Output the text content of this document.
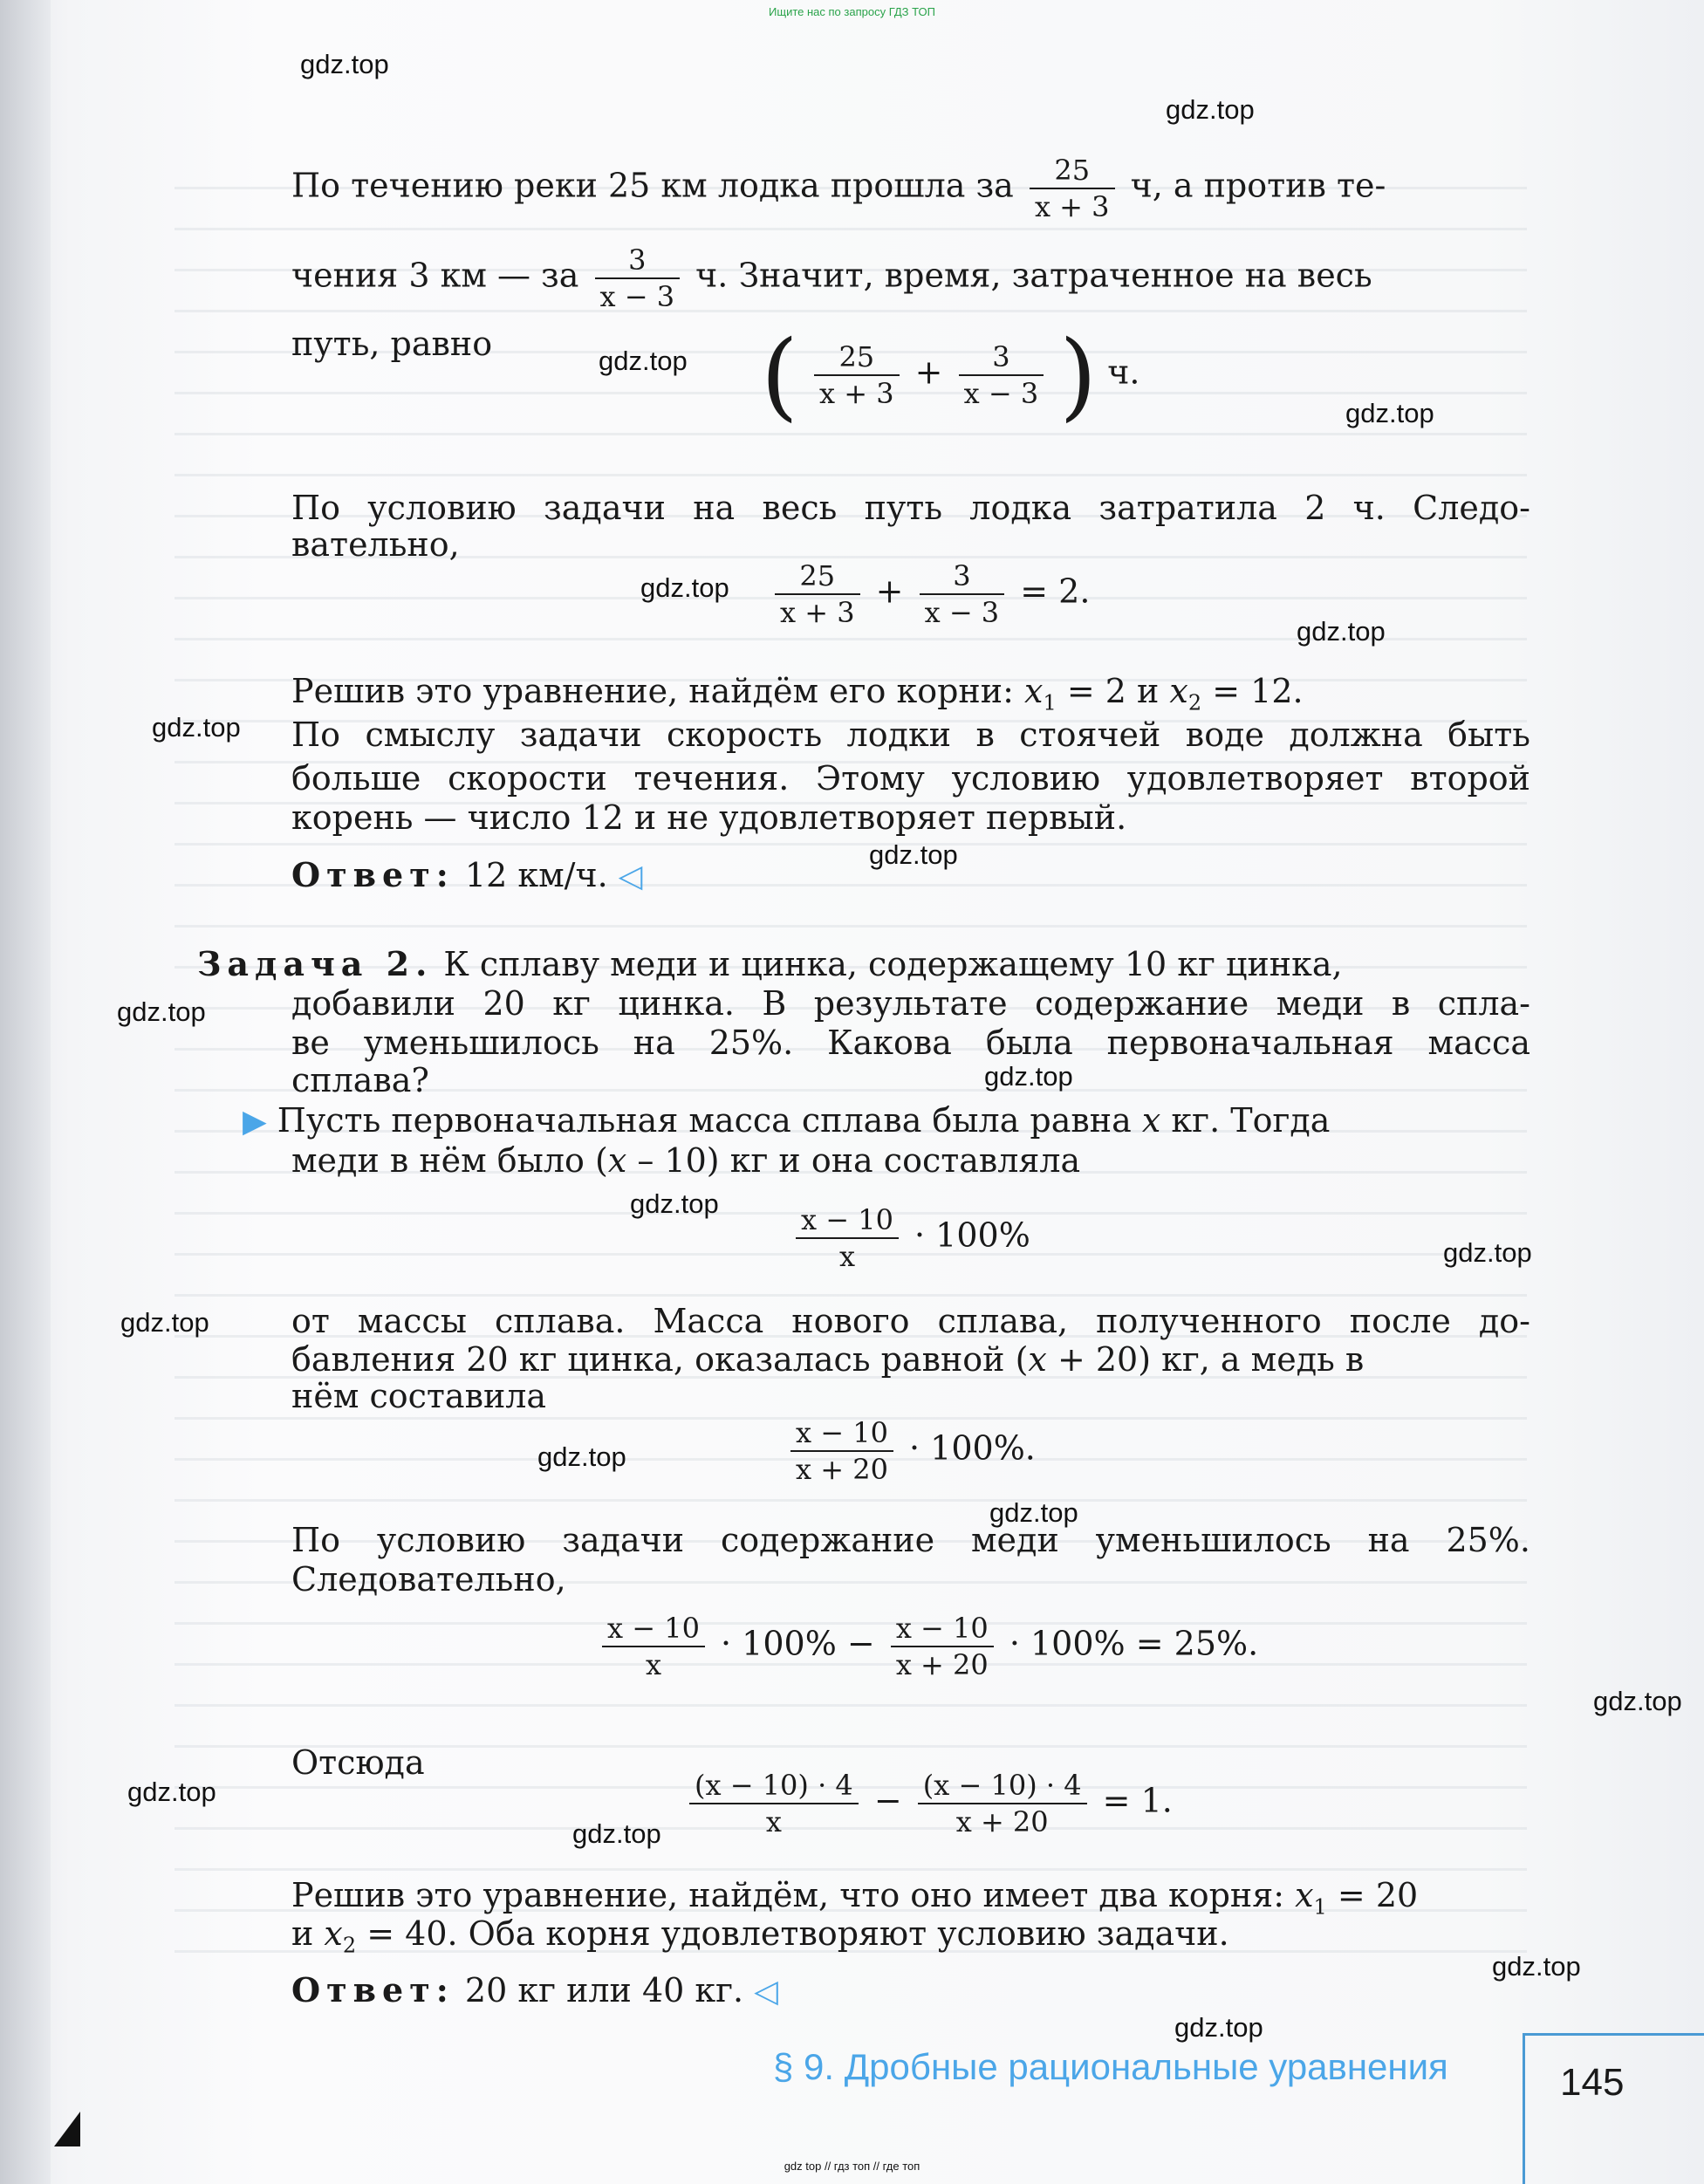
Ищите нас по запросу ГДЗ ТОП
gdz.top
gdz.top
gdz.top
gdz.top
gdz.top
gdz.top
gdz.top
gdz.top
gdz.top
gdz.top
gdz.top
gdz.top
gdz.top
gdz.top
gdz.top
gdz.top
gdz.top
gdz.top
gdz.top
gdz.top
По течению реки 25 км лодка прошла за $\frac{25}{x + 3} ч$, а против те-
чения 3 км — за $\frac{3}{x - 3} ч$. Значит, время, затраченное на весь
путь, равно	( $\frac{25}{x + 3} + \frac{3}{x - 3}$ ) ч.
По условию задачи на весь путь лодка затратила 2 ч. Следо-
вательно,
$\frac{25}{x + 3} + \frac{3}{x - 3} = 2$.
Решив это уравнение, найдём его корни: $x_1 = 2$ и $x_2 = 12$.
По смыслу задачи скорость лодки в стоячей воде должна быть
больше скорости течения. Этому условию удовлетворяет второй
корень — число 12 и не удовлетворяет первый.
Ответ: 12 км/ч. ◁
Задача 2. К сплаву меди и цинка, содержащему 10 кг цинка,
добавили 20 кг цинка. В результате содержание меди в спла-
ве уменьшилось на 25%. Какова была первоначальная масса
сплава?
▶ Пусть первоначальная масса сплава была равна x кг. Тогда
меди в нём было (x – 10) кг и она составляла
$\frac{x - 10}{x} \cdot 100\%$
от массы сплава. Масса нового сплава, полученного после до-
бавления 20 кг цинка, оказалась равной (x + 20) кг, а медь в
нём составила
$\frac{x - 10}{x + 20} \cdot 100\%$.
По условию задачи содержание меди уменьшилось на 25%.
Следовательно,
$\frac{x - 10}{x} \cdot 100\% - \frac{x - 10}{x + 20} \cdot 100\% = 25\%$.
Отсюда
$\frac{(x - 10) \cdot 4}{x} - \frac{(x - 10) \cdot 4}{x + 20} = 1$.
Решив это уравнение, найдём, что оно имеет два корня: $x_1 = 20$
и $x_2 = 40$. Оба корня удовлетворяют условию задачи.
Ответ: 20 кг или 40 кг. ◁
§ 9. Дробные рациональные уравнения	145
gdz top // гдз топ // где топ
